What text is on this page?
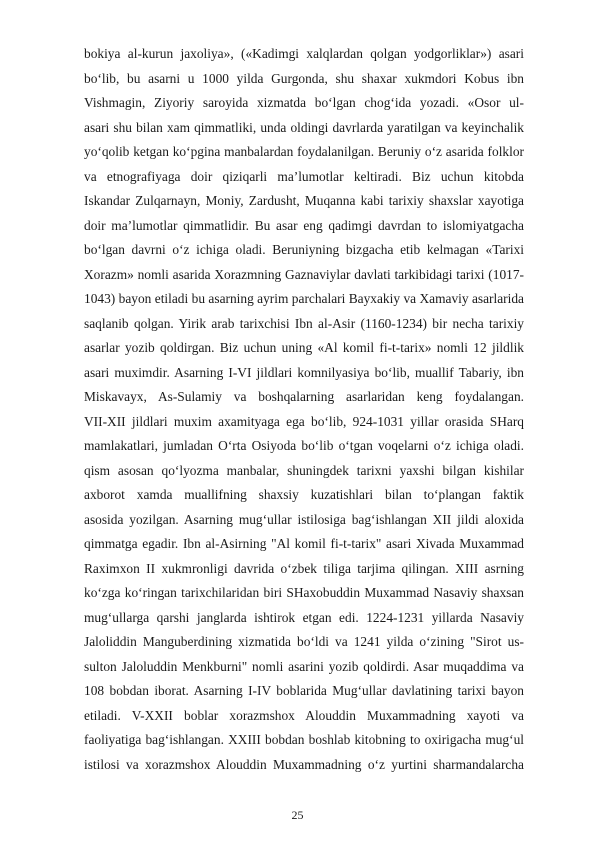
bokiya al-kurun jaxoliya», («Kadimgi xalqlardan qolgan yodgorliklar») asari
bo‘lib, bu asarni u 1000 yilda Gurgonda, shu shaxar xukmdori Kobus ibn
Vishmagin, Ziyoriy saroyida xizmatda bo‘lgan chog‘ida yozadi. «Osor ul-
asari shu bilan xam qimmatliki, unda oldingi davrlarda yaratilgan va keyinchalik
yo‘qolib ketgan ko‘pgina manbalardan foydalanilgan. Beruniy o‘z asarida folklor
va etnografiyaga doir qiziqarli ma’lumotlar keltiradi. Biz uchun kitobda
Iskandar Zulqarnayn, Moniy, Zardusht, Muqanna kabi tarixiy shaxslar xayotiga
doir ma’lumotlar qimmatlidir. Bu asar eng qadimgi davrdan to islomiyatgacha
bo‘lgan davrni o‘z ichiga oladi. Beruniyning bizgacha etib kelmagan «Tarixi
Xorazm» nomli asarida Xorazmning Gaznaviylar davlati tarkibidagi tarixi (1017-
1043) bayon etiladi bu asarning ayrim parchalari Bayxakiy va Xamaviy asarlarida
saqlanib qolgan. Yirik arab tarixchisi Ibn al-Asir (1160-1234) bir necha tarixiy
asarlar yozib qoldirgan. Biz uchun uning «Al komil fi-t-tarix» nomli 12 jildlik
asari muximdir. Asarning I-VI jildlari komnilyasiya bo‘lib, muallif Tabariy, ibn
Miskavayx, As-Sulamiy va boshqalarning asarlaridan keng foydalangan.
VII-XII jildlari muxim axamityaga ega bo‘lib, 924-1031 yillar orasida SHarq
mamlakatlari, jumladan O‘rta Osiyoda bo‘lib o‘tgan voqelarni o‘z ichiga oladi.
qism asosan qo‘lyozma manbalar, shuningdek tarixni yaxshi bilgan kishilar
axborot xamda muallifning shaxsiy kuzatishlari bilan to‘plangan faktik
asosida yozilgan. Asarning mug‘ullar istilosiga bag‘ishlangan XII jildi aloxida
qimmatga egadir. Ibn al-Asirning "Al komil fi-t-tarix" asari Xivada Muxammad
Raximxon II xukmronligi davrida o‘zbek tiliga tarjima qilingan. XIII asrning
ko‘zga ko‘ringan tarixchilaridan biri SHaxobuddin Muxammad Nasaviy shaxsan
mug‘ullarga qarshi janglarda ishtirok etgan edi. 1224-1231 yillarda Nasaviy
Jaloliddin Manguberdining xizmatida bo‘ldi va 1241 yilda o‘zining "Sirot us-
sulton Jaloluddin Menkburni" nomli asarini yozib qoldirdi. Asar muqaddima va
108 bobdan iborat. Asarning I-IV boblarida Mug‘ullar davlatining tarixi bayon
etiladi. V-XXII boblar xorazmshox Alouddin Muxammadning xayoti va
faoliyatiga bag‘ishlangan. XXIII bobdan boshlab kitobning to oxirigacha mug‘ul
istilosi va xorazmshox Alouddin Muxammadning o‘z yurtini sharmandalarcha
25
